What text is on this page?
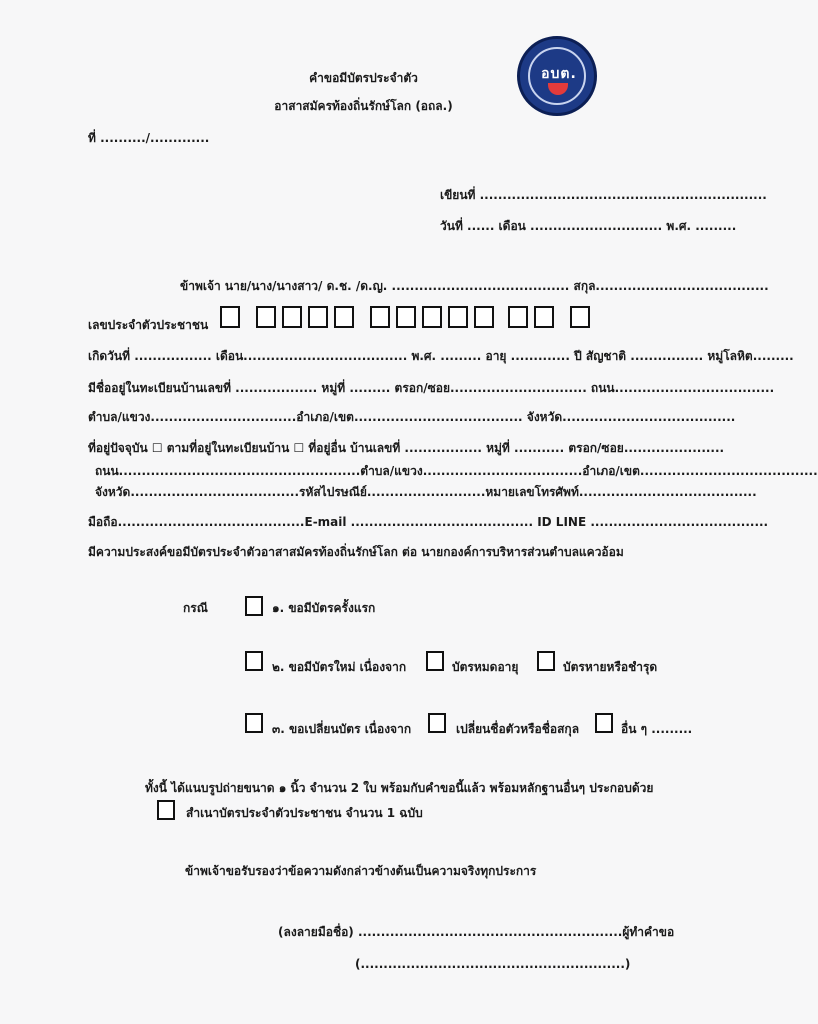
อบต.
คำขอมีบัตรประจำตัว
อาสาสมัครท้องถิ่นรักษ์โลก (อถล.)
ที่ ........../.............
เขียนที่ ...............................................................
วันที่ ...... เดือน ............................. พ.ศ. .........
ข้าพเจ้า นาย/นาง/นางสาว/ ด.ช. /ด.ญ. ....................................... สกุล......................................
เลขประจำตัวประชาชน
เกิดวันที่ ................. เดือน.................................... พ.ศ. ......... อายุ ............. ปี สัญชาติ ................ หมู่โลหิต.........
มีชื่ออยู่ในทะเบียนบ้านเลขที่ .................. หมู่ที่ ......... ตรอก/ซอย.............................. ถนน...................................
ตำบล/แขวง................................อำเภอ/เขต..................................... จังหวัด......................................
ที่อยู่ปัจจุบัน ☐ ตามที่อยู่ในทะเบียนบ้าน ☐ ที่อยู่อื่น บ้านเลขที่ ................. หมู่ที่ ........... ตรอก/ซอย......................
ถนน.....................................................ตำบล/แขวง...................................อำเภอ/เขต.......................................
จังหวัด.....................................รหัสไปรษณีย์..........................หมายเลขโทรศัพท์.......................................
มือถือ.........................................E-mail ........................................ ID LINE .......................................
มีความประสงค์ขอมีบัตรประจำตัวอาสาสมัครท้องถิ่นรักษ์โลก ต่อ นายกองค์การบริหารส่วนตำบลแควอ้อม
กรณี	๑. ขอมีบัตรครั้งแรก
๒. ขอมีบัตรใหม่ เนื่องจาก	บัตรหมดอายุ	บัตรหายหรือชำรุด
๓. ขอเปลี่ยนบัตร เนื่องจาก	เปลี่ยนชื่อตัวหรือชื่อสกุล	อื่น ๆ .........
ทั้งนี้ ได้แนบรูปถ่ายขนาด ๑ นิ้ว จำนวน 2 ใบ พร้อมกับคำขอนี้แล้ว พร้อมหลักฐานอื่นๆ ประกอบด้วย
สำเนาบัตรประจำตัวประชาชน จำนวน 1 ฉบับ
ข้าพเจ้าขอรับรองว่าข้อความดังกล่าวข้างต้นเป็นความจริงทุกประการ
(ลงลายมือชื่อ) ..........................................................ผู้ทำคำขอ
(..........................................................)
